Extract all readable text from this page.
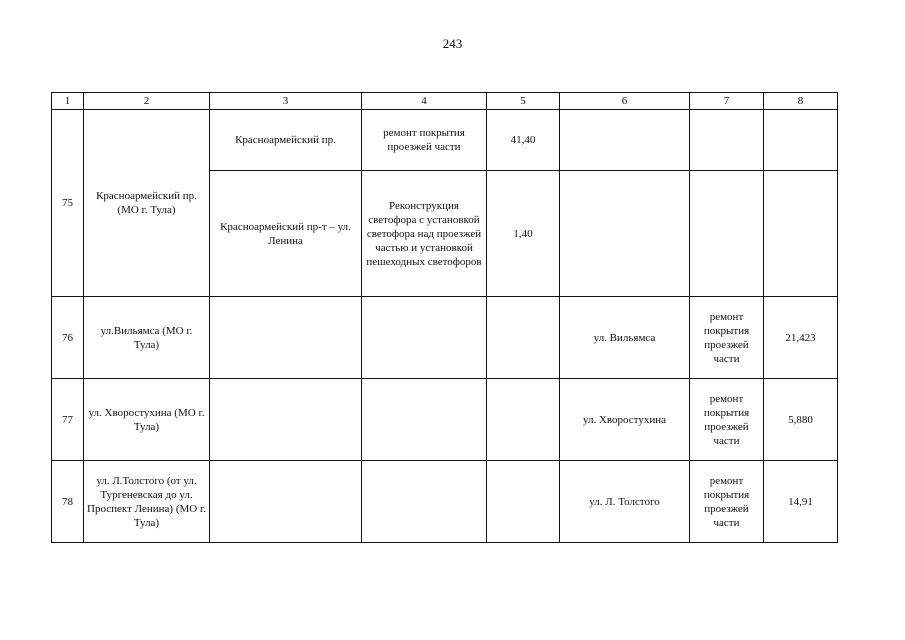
243
1	2	3	4	5	6	7	8
75	Красноармейский пр. (МО г. Тула)	Красноармейский пр.	ремонт покрытия проезжей части	41,40			
		Красноармейский пр-т – ул. Ленина	Реконструкция светофора с установкой светофора над проезжей частью и установкой пешеходных светофоров	1,40			
76	ул.Вильямса (МО г. Тула)				ул. Вильямса	ремонт покрытия проезжей части	21,423
77	ул. Хворостухина (МО г. Тула)				ул. Хворостухина	ремонт покрытия проезжей части	5,880
78	ул. Л.Толстого (от ул. Тургеневская до ул. Проспект Ленина) (МО г. Тула)				ул. Л. Толстого	ремонт покрытия проезжей части	14,91
